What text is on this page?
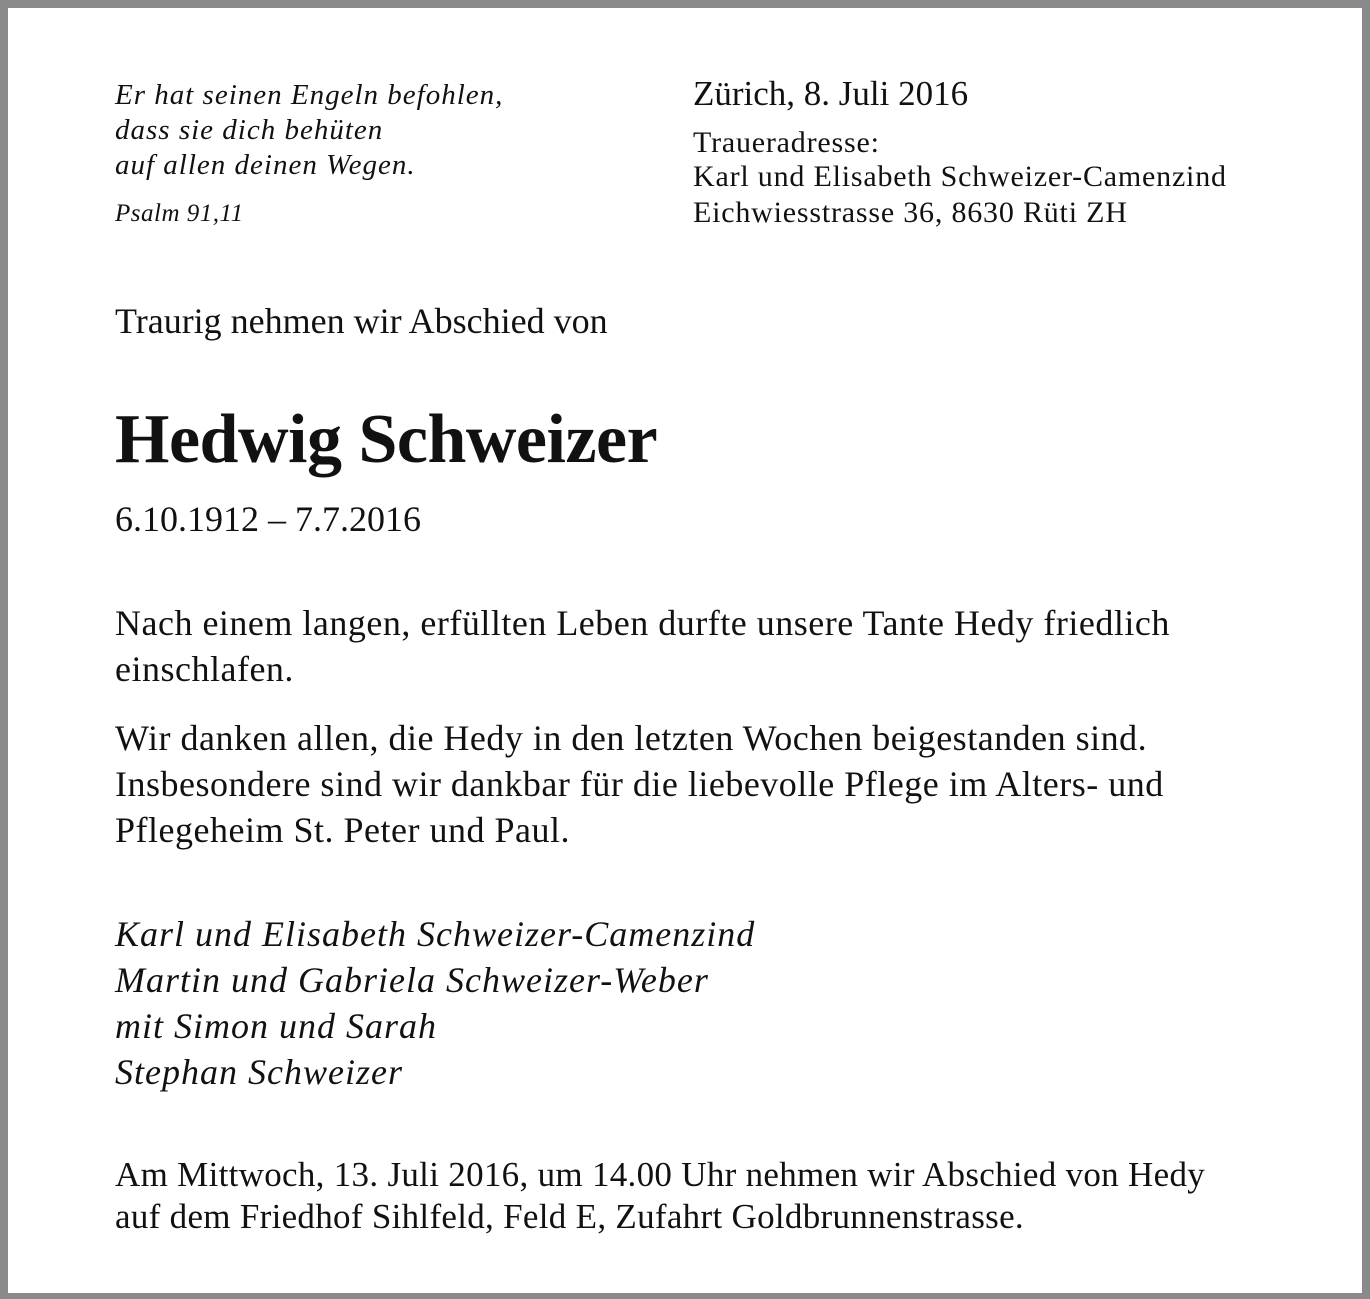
Er hat seinen Engeln befohlen,

dass sie dich behüten

auf allen deinen Wegen.

Psalm 91,11

Zürich, 8. Juli 2016

Traueradresse:

Karl und Elisabeth Schweizer-Camenzind

Eichwiesstrasse 36, 8630 Rüti ZH

Traurig nehmen wir Abschied von

Hedwig Schweizer

6.10.1912 – 7.7.2016

Nach einem langen, erfüllten Leben durfte unsere Tante Hedy friedlich

einschlafen.

Wir danken allen, die Hedy in den letzten Wochen beigestanden sind.

Insbesondere sind wir dankbar für die liebevolle Pflege im Alters- und

Pflegeheim St. Peter und Paul.

Karl und Elisabeth Schweizer-Camenzind

Martin und Gabriela Schweizer-Weber

mit Simon und Sarah

Stephan Schweizer

Am Mittwoch, 13. Juli 2016, um 14.00 Uhr nehmen wir Abschied von Hedy

auf dem Friedhof Sihlfeld, Feld E, Zufahrt Goldbrunnenstrasse.
